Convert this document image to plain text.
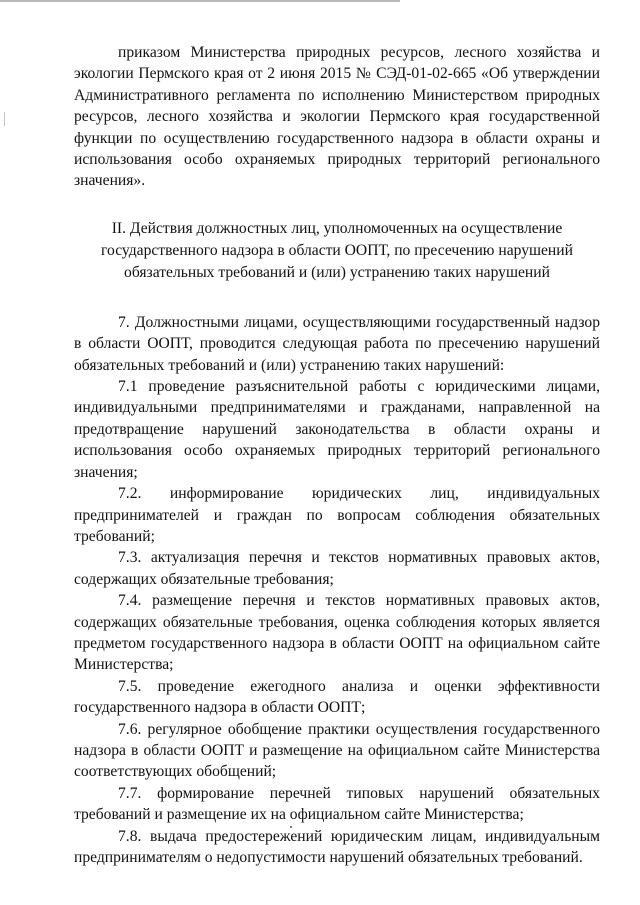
приказом Министерства природных ресурсов, лесного хозяйства и экологии Пермского края от 2 июня 2015 № СЭД-01-02-665 «Об утверждении Административного регламента по исполнению Министерством природных ресурсов, лесного хозяйства и экологии Пермского края государственной функции по осуществлению государственного надзора в области охраны и использования особо охраняемых природных территорий регионального значения».

II. Действия должностных лиц, уполномоченных на осуществление
государственного надзора в области ООПТ, по пресечению нарушений
обязательных требований и (или) устранению таких нарушений

7. Должностными лицами, осуществляющими государственный надзор в области ООПТ, проводится следующая работа по пресечению нарушений обязательных требований и (или) устранению таких нарушений:

7.1 проведение разъяснительной работы с юридическими лицами, индивидуальными предпринимателями и гражданами, направленной на предотвращение нарушений законодательства в области охраны и использования особо охраняемых природных территорий регионального значения;

7.2. информирование юридических лиц, индивидуальных предпринимателей и граждан по вопросам соблюдения обязательных требований;

7.3. актуализация перечня и текстов нормативных правовых актов, содержащих обязательные требования;

7.4. размещение перечня и текстов нормативных правовых актов, содержащих обязательные требования, оценка соблюдения которых является предметом государственного надзора в области ООПТ на официальном сайте Министерства;

7.5. проведение ежегодного анализа и оценки эффективности государственного надзора в области ООПТ;

7.6. регулярное обобщение практики осуществления государственного надзора в области ООПТ и размещение на официальном сайте Министерства соответствующих обобщений;

7.7. формирование перечней типовых нарушений обязательных требований и размещение их на официальном сайте Министерства;

7.8. выдача предостережений юридическим лицам, индивидуальным предпринимателям о недопустимости нарушений обязательных требований.
